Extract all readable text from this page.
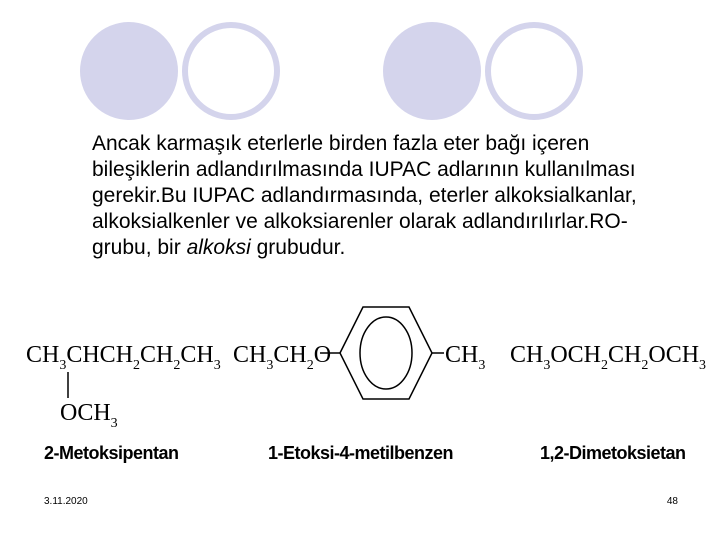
Ancak karmaşık eterlerle birden fazla eter bağı içeren bileşiklerin adlandırılmasında IUPAC adlarının kullanılması gerekir.Bu IUPAC adlandırmasında, eterler alkoksialkanlar, alkoksialkenler ve alkoksiarenler olarak adlandırılırlar.RO- grubu, bir alkoksi grubudur.

$CH_3CHCH_2CH_2CH_3$
$OCH_3$
$CH_3CH_2O$	$CH_3$ $CH_3OCH_2CH_2OCH_3$
2-Metoksipentan	1-Etoksi-4-metilbenzen	1,2-Dimetoksietan
3.11.2020	48
